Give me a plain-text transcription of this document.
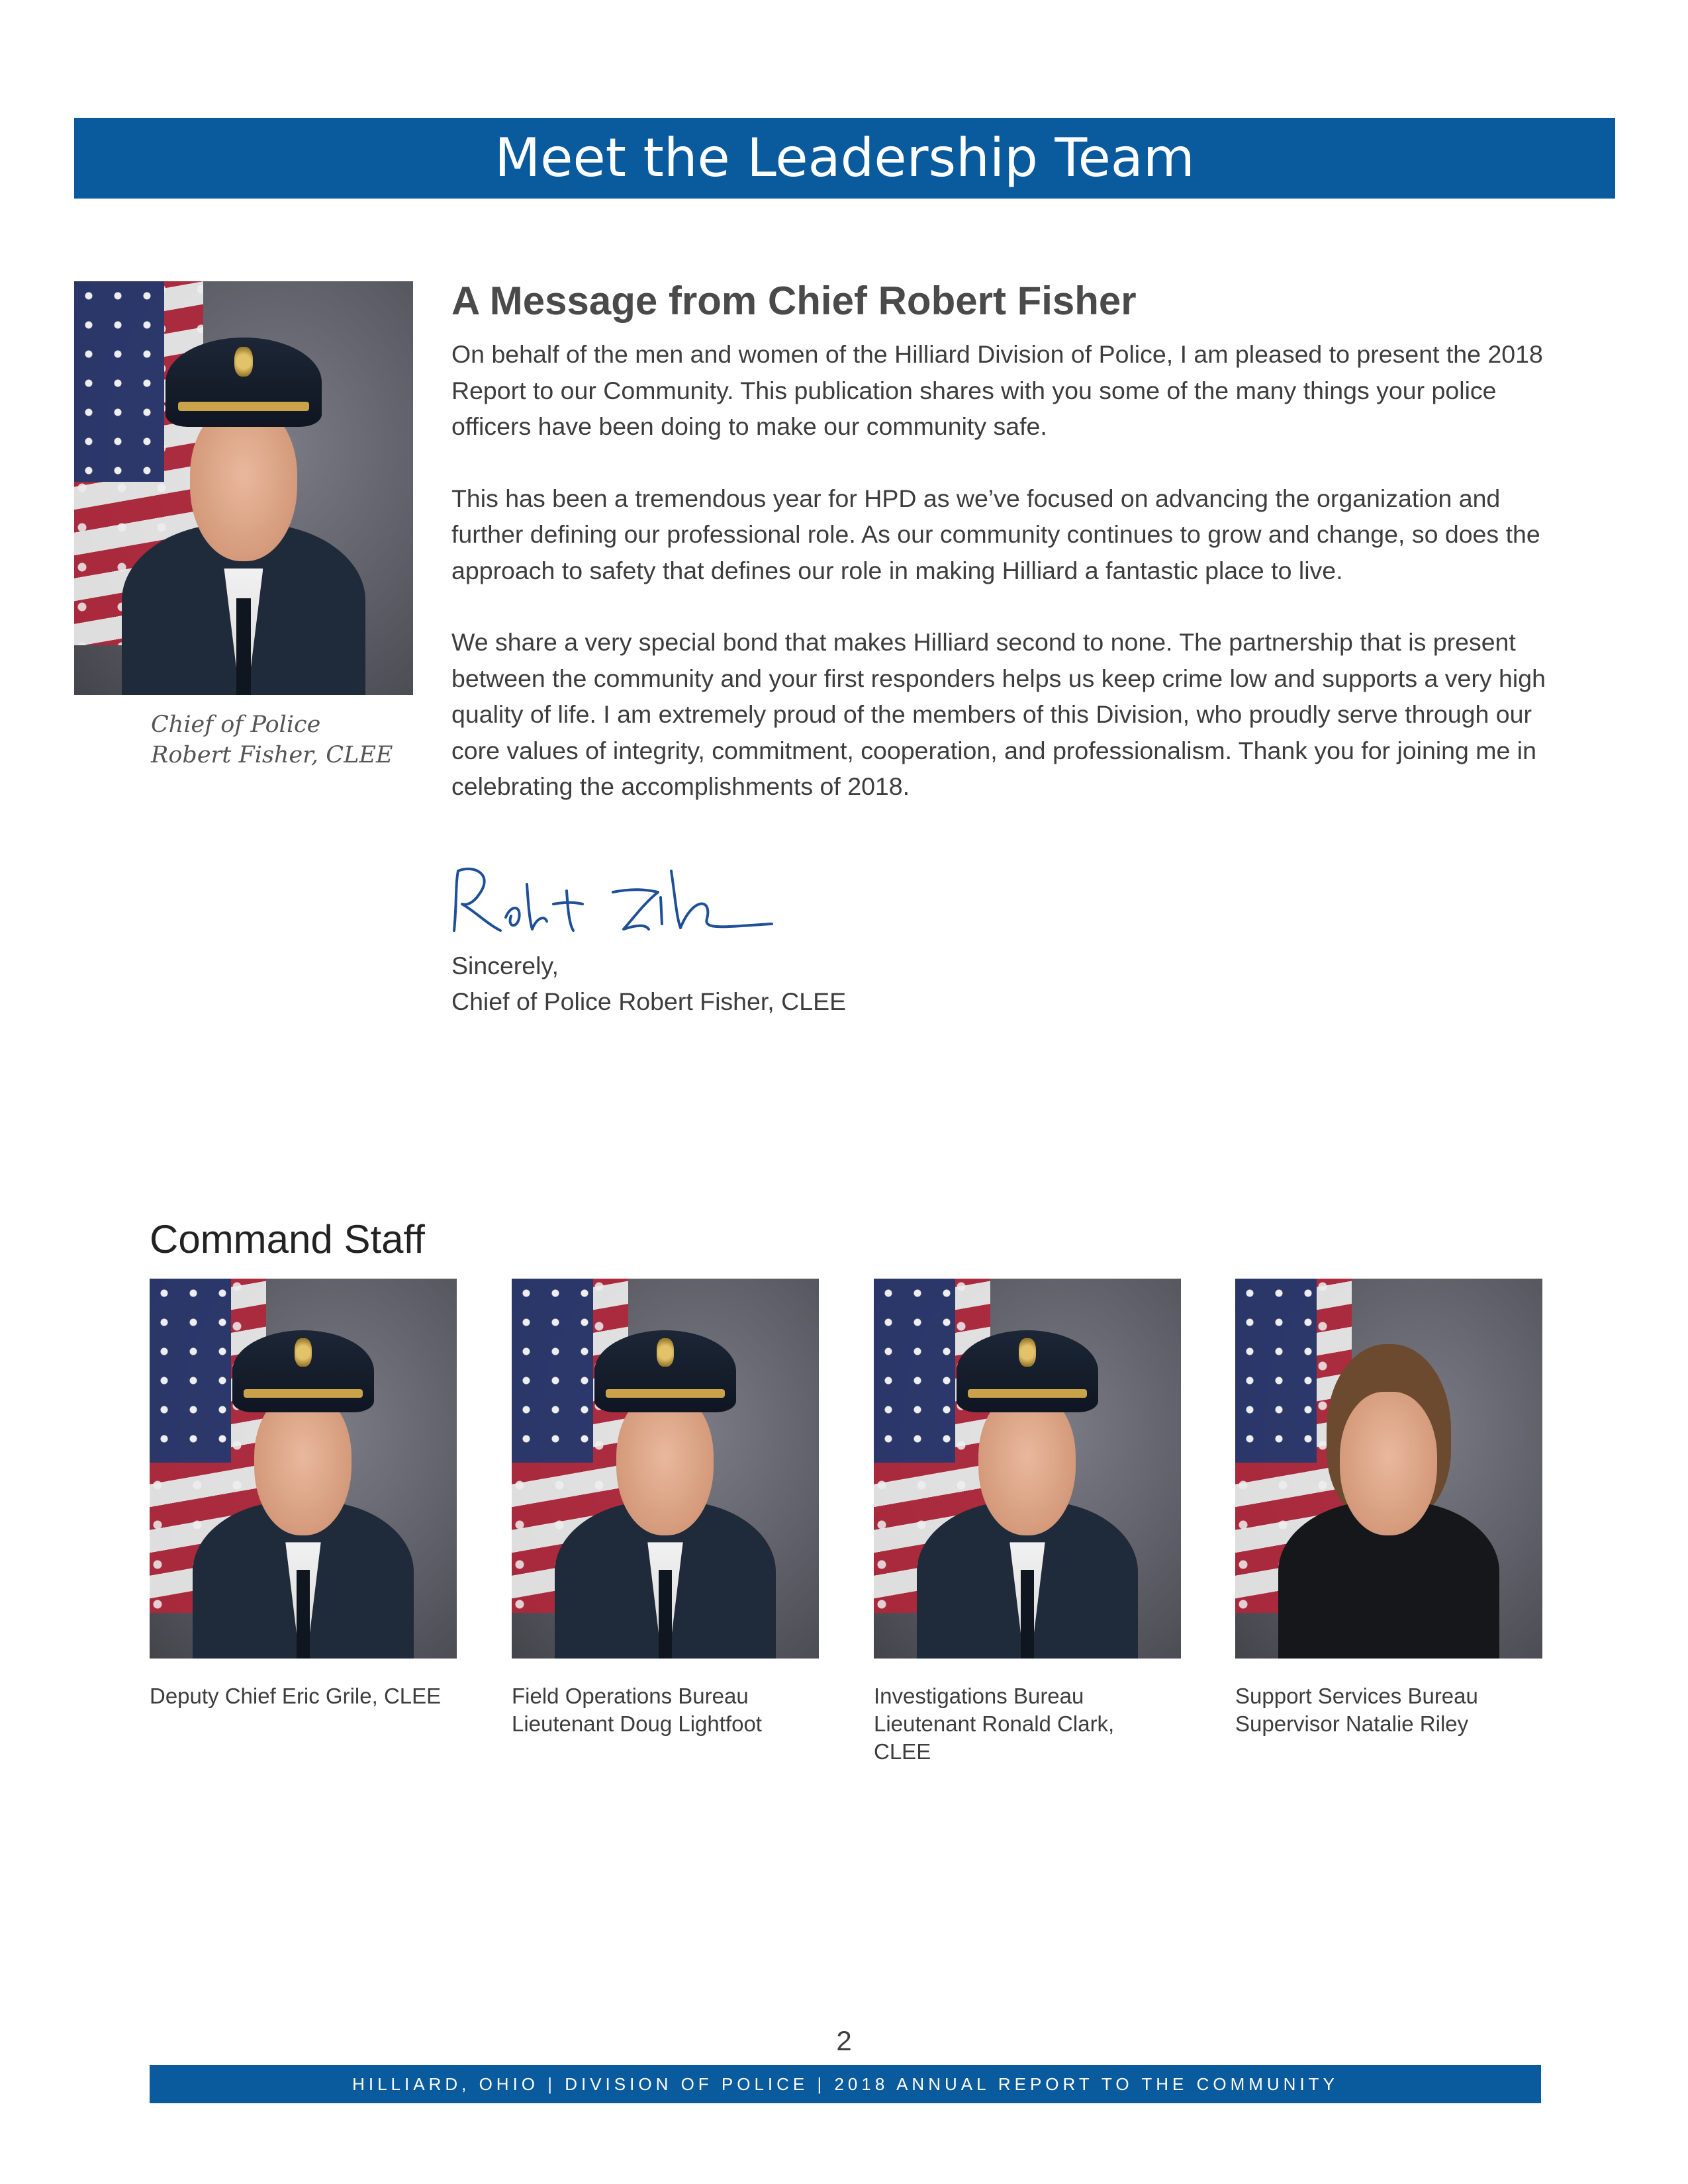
Meet the Leadership Team
Chief of Police
Robert Fisher, CLEE
A Message from Chief Robert Fisher

On behalf of the men and women of the Hilliard Division of Police, I am pleased to present the 2018 Report to our Community. This publication shares with you some of the many things your police officers have been doing to make our community safe.

This has been a tremendous year for HPD as we’ve focused on advancing the organization and further defining our professional role. As our community continues to grow and change, so does the approach to safety that defines our role in making Hilliard a fantastic place to live.

We share a very special bond that makes Hilliard second to none. The partnership that is present between the community and your first responders helps us keep crime low and supports a very high quality of life. I am extremely proud of the members of this Division, who proudly serve through our core values of integrity, commitment, cooperation, and professionalism. Thank you for joining me in celebrating the accomplishments of 2018.

Sincerely,
Chief of Police Robert Fisher, CLEE
Command Staff
Deputy Chief Eric Grile, CLEE	Field Operations Bureau
Lieutenant Doug Lightfoot
Investigations Bureau
Lieutenant Ronald Clark,
CLEE
Support Services Bureau
Supervisor Natalie Riley
2
HILLIARD, OHIO | DIVISION OF POLICE | 2018 ANNUAL REPORT TO THE COMMUNITY
